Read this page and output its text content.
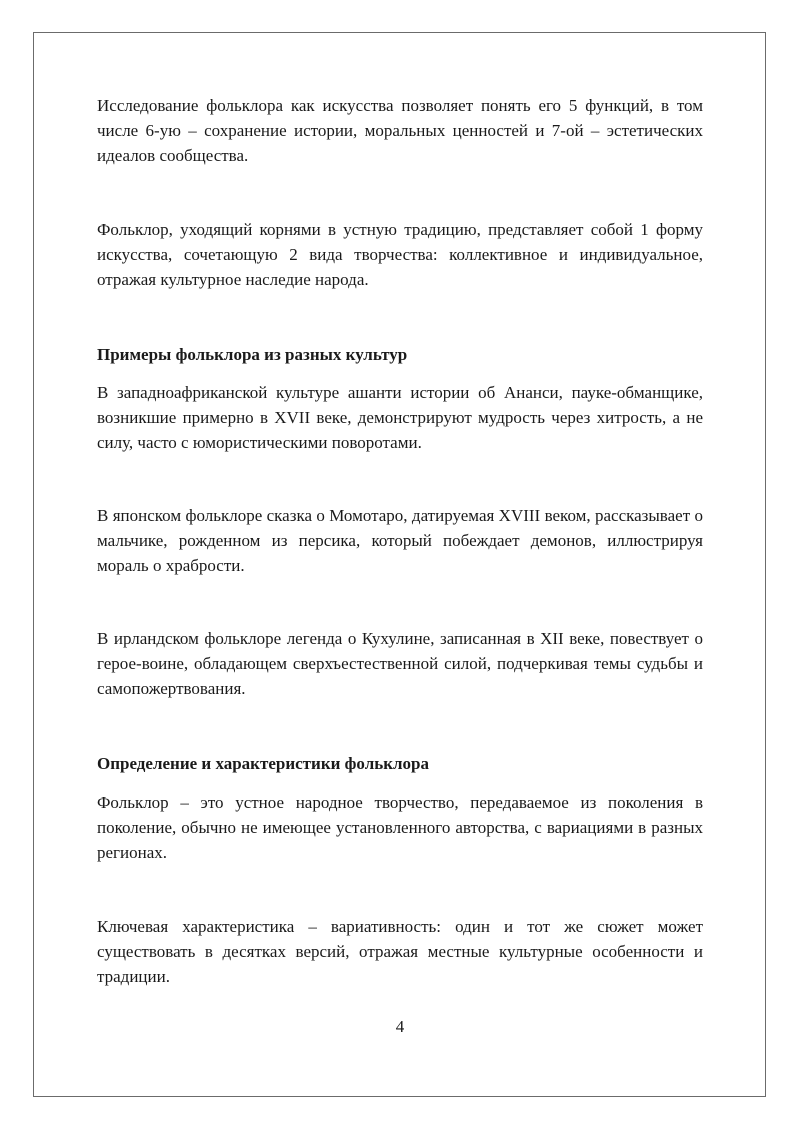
Исследование фольклора как искусства позволяет понять его 5 функций, в том числе 6-ую – сохранение истории, моральных ценностей и 7-ой – эстетических идеалов сообщества.

Фольклор, уходящий корнями в устную традицию, представляет собой 1 форму искусства, сочетающую 2 вида творчества: коллективное и индивидуальное, отражая культурное наследие народа.

Примеры фольклора из разных культур

В западноафриканской культуре ашанти истории об Ананси, пауке-обманщике, возникшие примерно в XVII веке, демонстрируют мудрость через хитрость, а не силу, часто с юмористическими поворотами.

В японском фольклоре сказка о Момотаро, датируемая XVIII веком, рассказывает о мальчике, рожденном из персика, который побеждает демонов, иллюстрируя мораль о храбрости.

В ирландском фольклоре легенда о Кухулине, записанная в XII веке, повествует о герое-воине, обладающем сверхъестественной силой, подчеркивая темы судьбы и самопожертвования.

Определение и характеристики фольклора

Фольклор – это устное народное творчество, передаваемое из поколения в поколение, обычно не имеющее установленного авторства, с вариациями в разных регионах.

Ключевая характеристика – вариативность: один и тот же сюжет может существовать в десятках версий, отражая местные культурные особенности и традиции.

4
